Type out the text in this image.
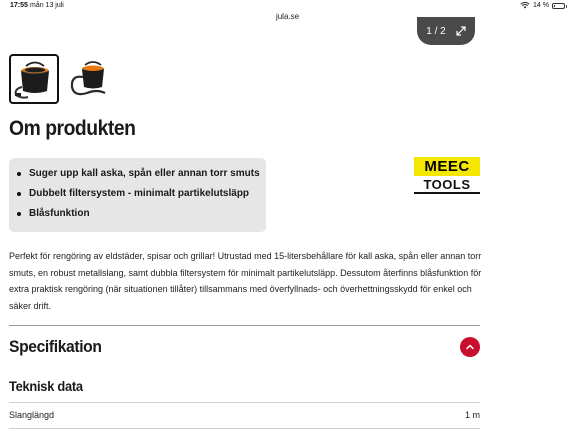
17:55 mån 13 juli	14 %
jula.se
1 / 2
Om produkten
Suger upp kall aska, spån eller annan torr smuts
Dubbelt filtersystem - minimalt partikelutsläpp
Blåsfunktion
MEEC
TOOLS

Perfekt för rengöring av eldstäder, spisar och grillar! Utrustad med 15-litersbehållare för kall aska, spån eller annan torr smuts, en robust metallslang, samt dubbla filtersystem för minimalt partikelutsläpp. Dessutom återfinns blåsfunktion för extra praktisk rengöring (när situationen tillåter) tillsammans med överfyllnads- och överhettningsskydd för enkel och säker drift.

Specifikation
Teknisk data
Slanglängd	1 m
